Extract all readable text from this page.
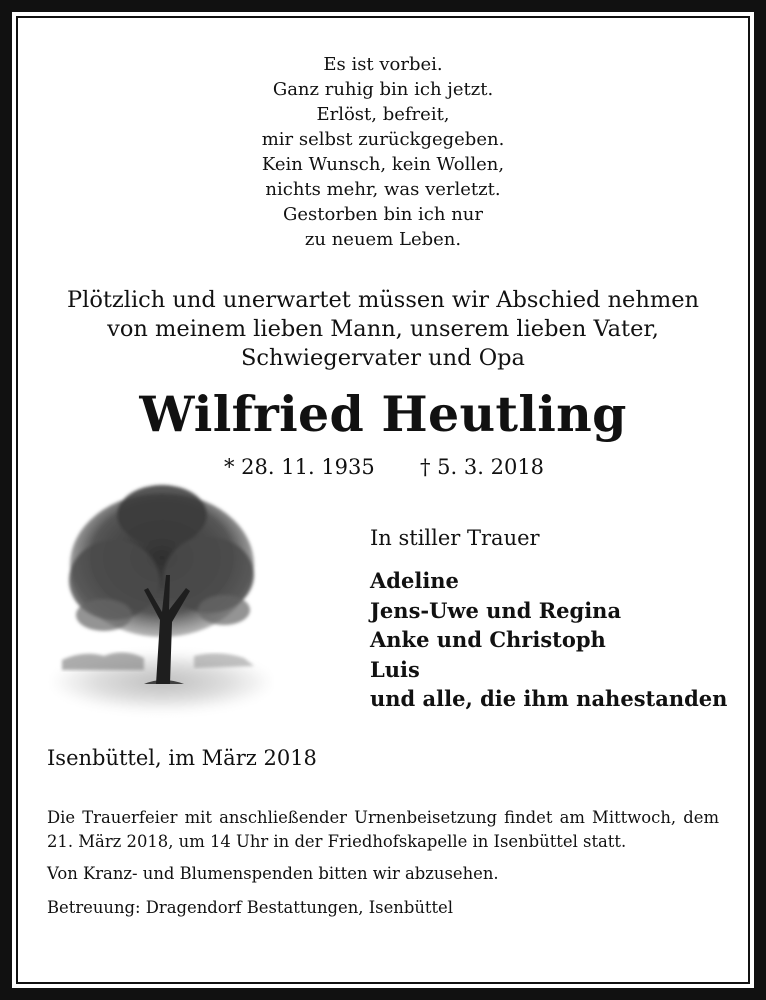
Es ist vorbei.
Ganz ruhig bin ich jetzt.
Erlöst, befreit,
mir selbst zurückgegeben.
Kein Wunsch, kein Wollen,
nichts mehr, was verletzt.
Gestorben bin ich nur
zu neuem Leben.
Plötzlich und unerwartet müssen wir Abschied nehmen
von meinem lieben Mann, unserem lieben Vater,
Schwiegervater und Opa
Wilfried Heutling
* 28. 11. 1935 † 5. 3. 2018
In stiller Trauer
Adeline
Jens-Uwe und Regina
Anke und Christoph
Luis
und alle, die ihm nahestanden
Isenbüttel, im März 2018

Die Trauerfeier mit anschließender Urnenbeisetzung findet am Mittwoch, dem 21. März 2018, um 14 Uhr in der Friedhofskapelle in Isenbüttel statt.

Von Kranz- und Blumenspenden bitten wir abzusehen.

Betreuung: Dragendorf Bestattungen, Isenbüttel
